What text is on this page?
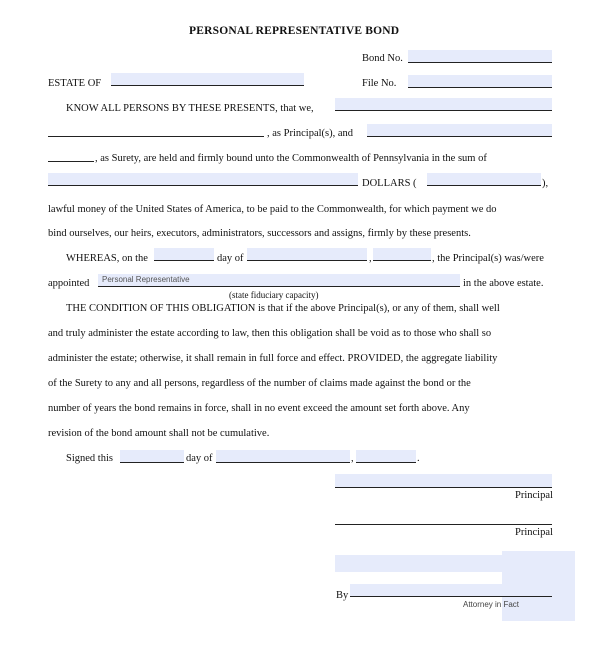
PERSONAL REPRESENTATIVE BOND
Bond No.
ESTATE OF	File No.
KNOW ALL PERSONS BY THESE PRESENTS, that we,
, as Principal(s), and
, as Surety, are held and firmly bound unto the Commonwealth of Pennsylvania in the sum of
DOLLARS (	),
lawful money of the United States of America, to be paid to the Commonwealth, for which payment we do
bind ourselves, our heirs, executors, administrators, successors and assigns, firmly by these presents.
WHEREAS, on the	day of	,	, the Principal(s) was/were
appointed Personal Representative	in the above estate.
(state fiduciary capacity)
THE CONDITION OF THIS OBLIGATION is that if the above Principal(s), or any of them, shall well
and truly administer the estate according to law, then this obligation shall be void as to those who shall so
administer the estate; otherwise, it shall remain in full force and effect. PROVIDED, the aggregate liability
of the Surety to any and all persons, regardless of the number of claims made against the bond or the
number of years the bond remains in force, shall in no event exceed the amount set forth above. Any
revision of the bond amount shall not be cumulative.
Signed this	day of	,	.
Principal
Principal
By
Attorney in Fact
